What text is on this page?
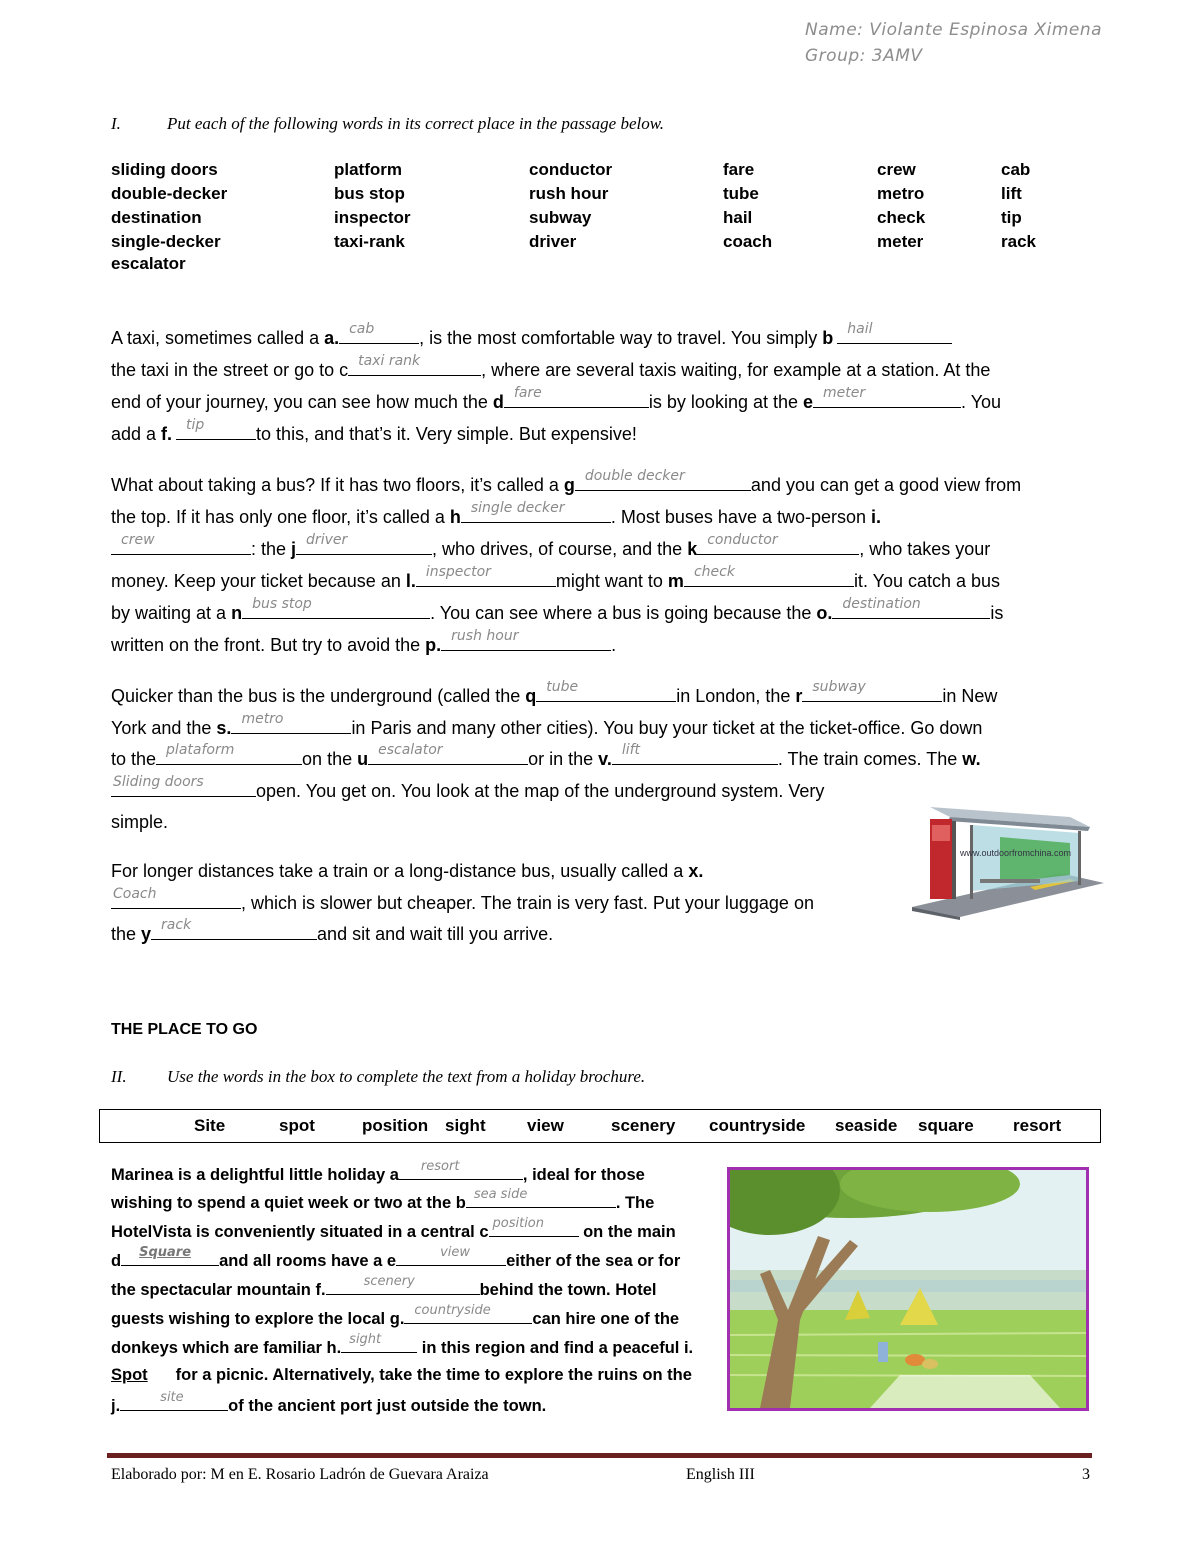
Name: Violante Espinosa Ximena
Group: 3AMV
I.	Put each of the following words in its correct place in the passage below.
sliding doors	platform	conductor	fare	crew	cab
double-decker	bus stop	rush hour	tube	metro	lift
destination	inspector	subway	hail	check	tip
single-decker	taxi-rank	driver	coach	meter	rack
escalator
A taxi, sometimes called a a. cab , is the most comfortable way to travel. You simply b hail
the taxi in the street or go to c taxi rank	, where are several taxis waiting, for example at a station. At the
end of your journey, you can see how much the d fare	is by looking at the e meter	. You
add a f. tip	to this, and that’s it. Very simple. But expensive!
What about taking a bus? If it has two floors, it’s called a g double decker	and you can get a good view from
the top. If it has only one floor, it’s called a h single decker	. Most buses have a two-person i.
crew	: the j driver	, who drives, of course, and the k conductor	, who takes your
money. Keep your ticket because an l. inspector	might want to m check	it. You catch a bus
by waiting at a n bus stop	. You can see where a bus is going because the o. destination	is
written on the front. But try to avoid the p. rush hour	.
Quicker than the bus is the underground (called the q tube	in London, the r subway	in New
York and the s. metro	in Paris and many other cities). You buy your ticket at the ticket-office. Go down
to the plataform	on the u escalator	or in the v. lift	. The train comes. The w.
Sliding doors	open. You get on. You look at the map of the underground system. Very
simple.
For longer distances take a train or a long-distance bus, usually called a x.
Coach	, which is slower but cheaper. The train is very fast. Put your luggage on
the y rack	and sit and wait till you arrive.
www.outdoorfromchina.com
THE PLACE TO GO
II. Use the words in the box to complete the text from a holiday brochure.
Site	spot	position sight view	scenery countryside seaside square resort
Marinea is a delightful little holiday a resort	, ideal for those
wishing to spend a quiet week or two at the b sea side	. The
HotelVista is conveniently situated in a central c position on the main
d Square and all rooms have a e	view either of the sea or for
the spectacular mountain f.	scenery	behind the town. Hotel
guests wishing to explore the local g. countryside	can hire one of the
donkeys which are familiar h. sight in this region and find a peaceful i.
Spot for a picnic. Alternatively, take the time to explore the ruins on the
j.	site	of the ancient port just outside the town.
Elaborado por: M en E. Rosario Ladrón de Guevara Araiza	English III	3
